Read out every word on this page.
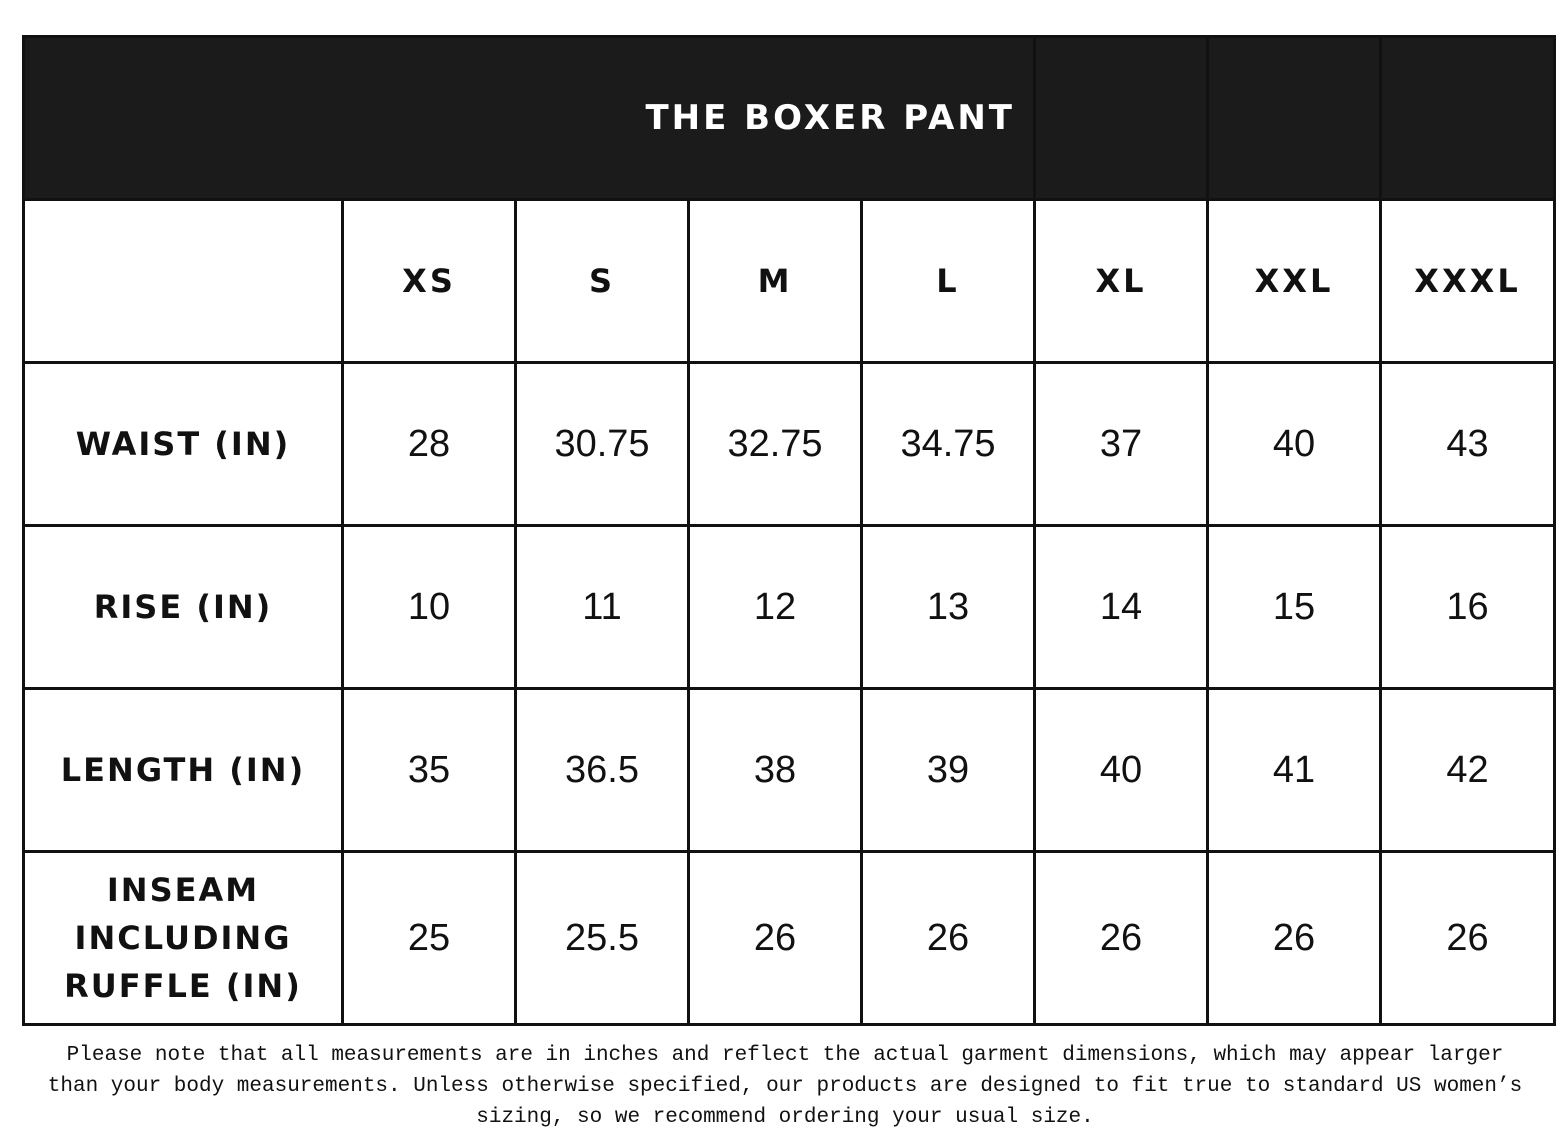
THE BOXER PANT							
	XS	S	M	L	XL	XXL	XXXL
WAIST (IN)	28	30.75	32.75	34.75	37	40	43
RISE (IN)	10	11	12	13	14	15	16
LENGTH (IN)	35	36.5	38	39	40	41	42
INSEAM INCLUDING RUFFLE (IN)	25	25.5	26	26	26	26	26

Please note that all measurements are in inches and reflect the actual garment dimensions, which may appear larger than your body measurements. Unless otherwise specified, our products are designed to fit true to standard US women’s sizing, so we recommend ordering your usual size.
